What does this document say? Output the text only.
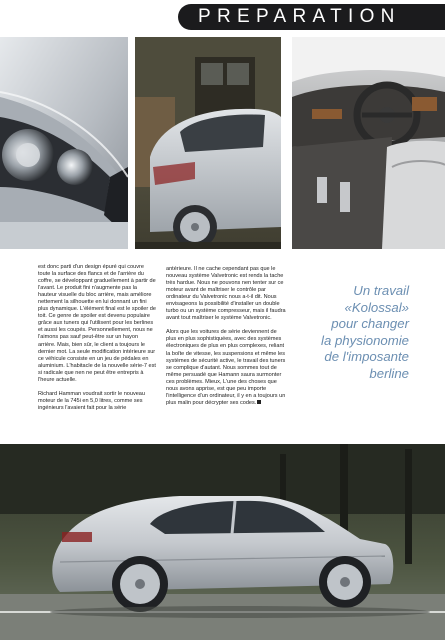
PREPARATION

est donc parti d'un design épuré qui couvre toute la surface des flancs et de l'arrière du coffre, se développant graduellement à partir de l'avant. Le produit fini n'augmente pas la hauteur visuelle du bloc arrière, mais améliore nettement la silhouette en lui donnant un fini plus dynamique. L'élément final est le spoiler de toit. Ce genre de spoiler est devenu populaire grâce aux tuners qui l'utilisent pour les berlines et aussi les coupés. Personnellement, nous ne l'aimons pas sauf peut-être sur un hayon arrière. Mais, bien sûr, le client a toujours le dernier mot. La seule modification intérieure sur ce véhicule consiste en un jeu de pédales en aluminium. L'habitacle de la nouvelle série-7 est si radicale que nen ne peut être entrepris à l'heure actuelle.

Richard Hamman voudrait sortir le nouveau moteur de la 745i en 5,0 litres, comme ses ingénieurs l'avaient fait pour la série

antérieure. Il ne cache cependant pas que le nouveau système Valvetronic est rends la tache très hardue. Nous ne pouvons nen tenter sur ce moteur avant de maîtriser le contrôle par ordinateur du Valvetronic nous a-t-il dit. Nous envisageons la possibilité d'installer un double turbo ou un système compresseur, mais il faudra avant tout maîtriser le système Valvetronic.

Alors que les voitures de série deviennent de plus en plus sophistiquées, avec des systèmes électroniques de plus en plus complexes, reliant la boîte de vitesse, les suspensions et même les systèmes de sécurité active, le travail des tuners se complique d'autant. Nous sommes tout de même persuadé que Hamann saura surmonter ces problèmes. Mieux, L'une des choses que nous avons apprise, est que peu importe l'intelligence d'un ordinateur, il y en a toujours un plus malin pour décrypter ses codes.

Un travail
«Kolossal»
pour changer
la physionomie
de l'imposante
berline
